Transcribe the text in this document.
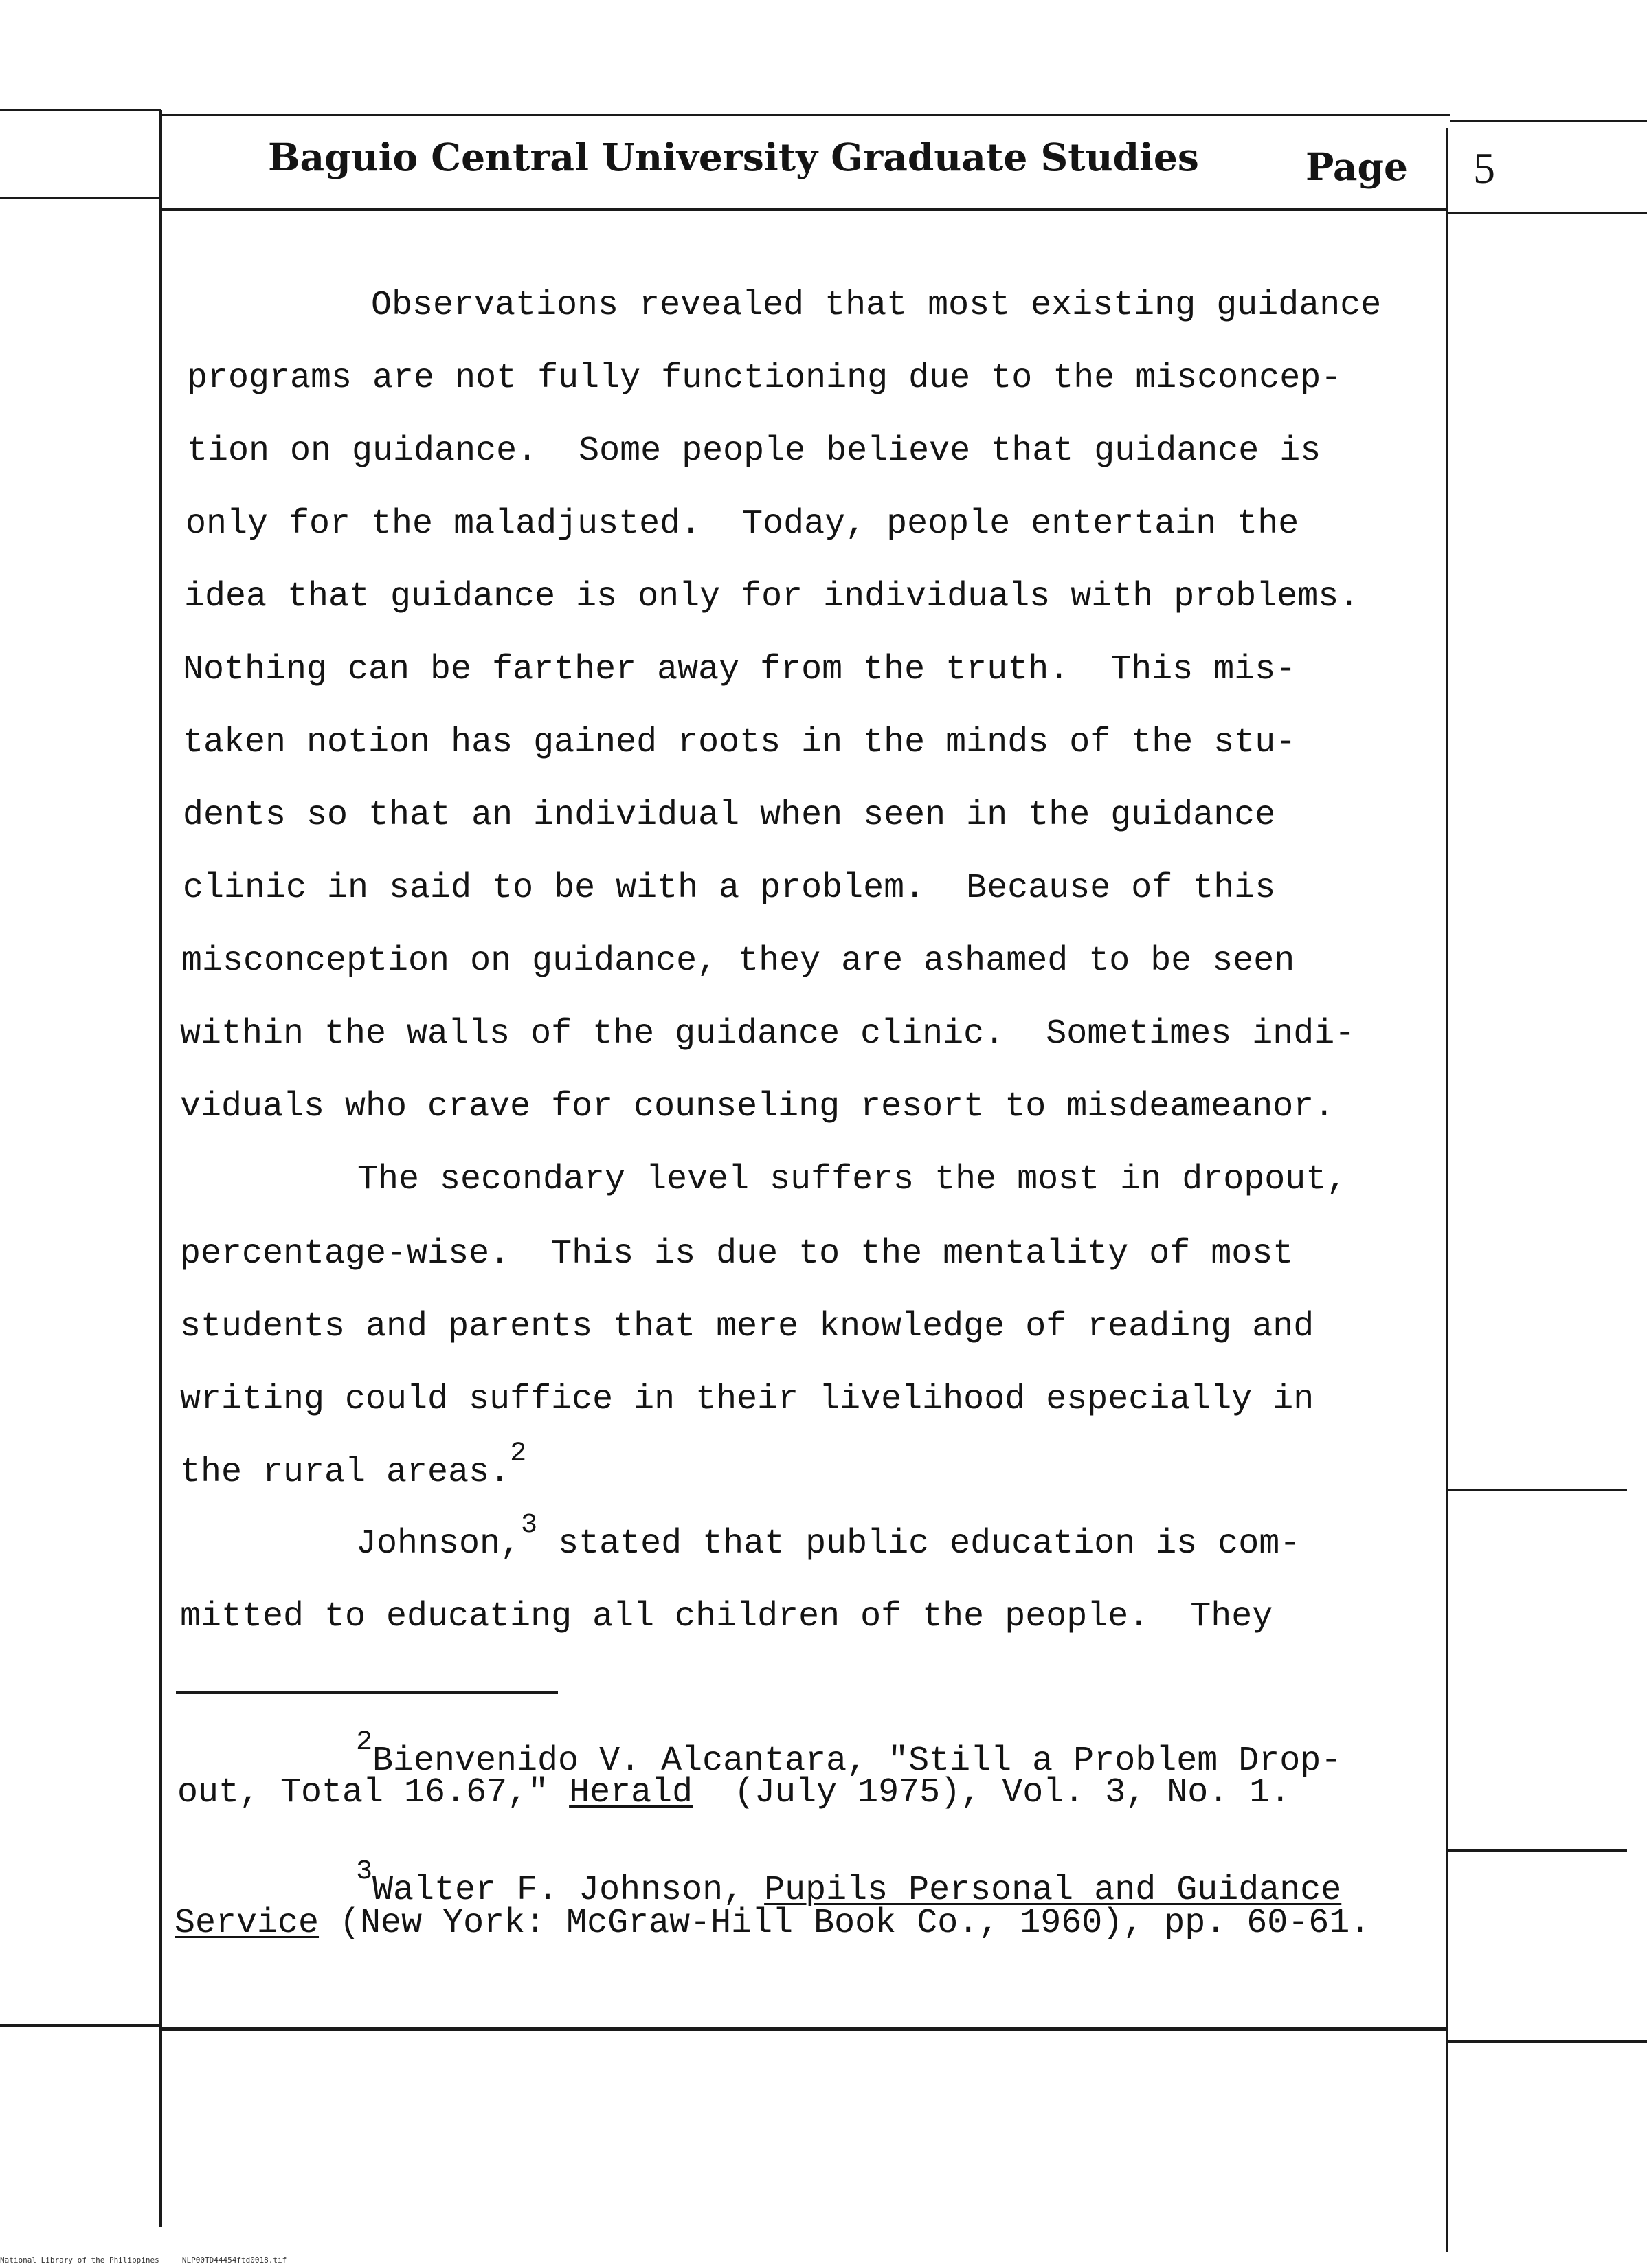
Baguio Central University Graduate Studies	Page 5
Observations revealed that most existing guidance
programs are not fully functioning due to the misconcep-
tion on guidance.  Some people believe that guidance is
only for the maladjusted.  Today, people entertain the
idea that guidance is only for individuals with problems.
Nothing can be farther away from the truth.  This mis-
taken notion has gained roots in the minds of the stu-
dents so that an individual when seen in the guidance
clinic in said to be with a problem.  Because of this
misconception on guidance, they are ashamed to be seen
within the walls of the guidance clinic.  Sometimes indi-
viduals who crave for counseling resort to misdeameanor.
The secondary level suffers the most in dropout,
percentage-wise.  This is due to the mentality of most
students and parents that mere knowledge of reading and
writing could suffice in their livelihood especially in
the rural areas.$^2$
Johnson,$^3$ stated that public education is com-
mitted to educating all children of the people.  They
$^2$Bienvenido V. Alcantara, "Still a Problem Drop-
out, Total 16.67," Herald  (July 1975), Vol. 3, No. 1.
$^3$Walter F. Johnson, Pupils Personal and Guidance
Service (New York: McGraw-Hill Book Co., 1960), pp. 60-61.
National Library of the Philippines     NLP00TD44454ftd0018.tif
